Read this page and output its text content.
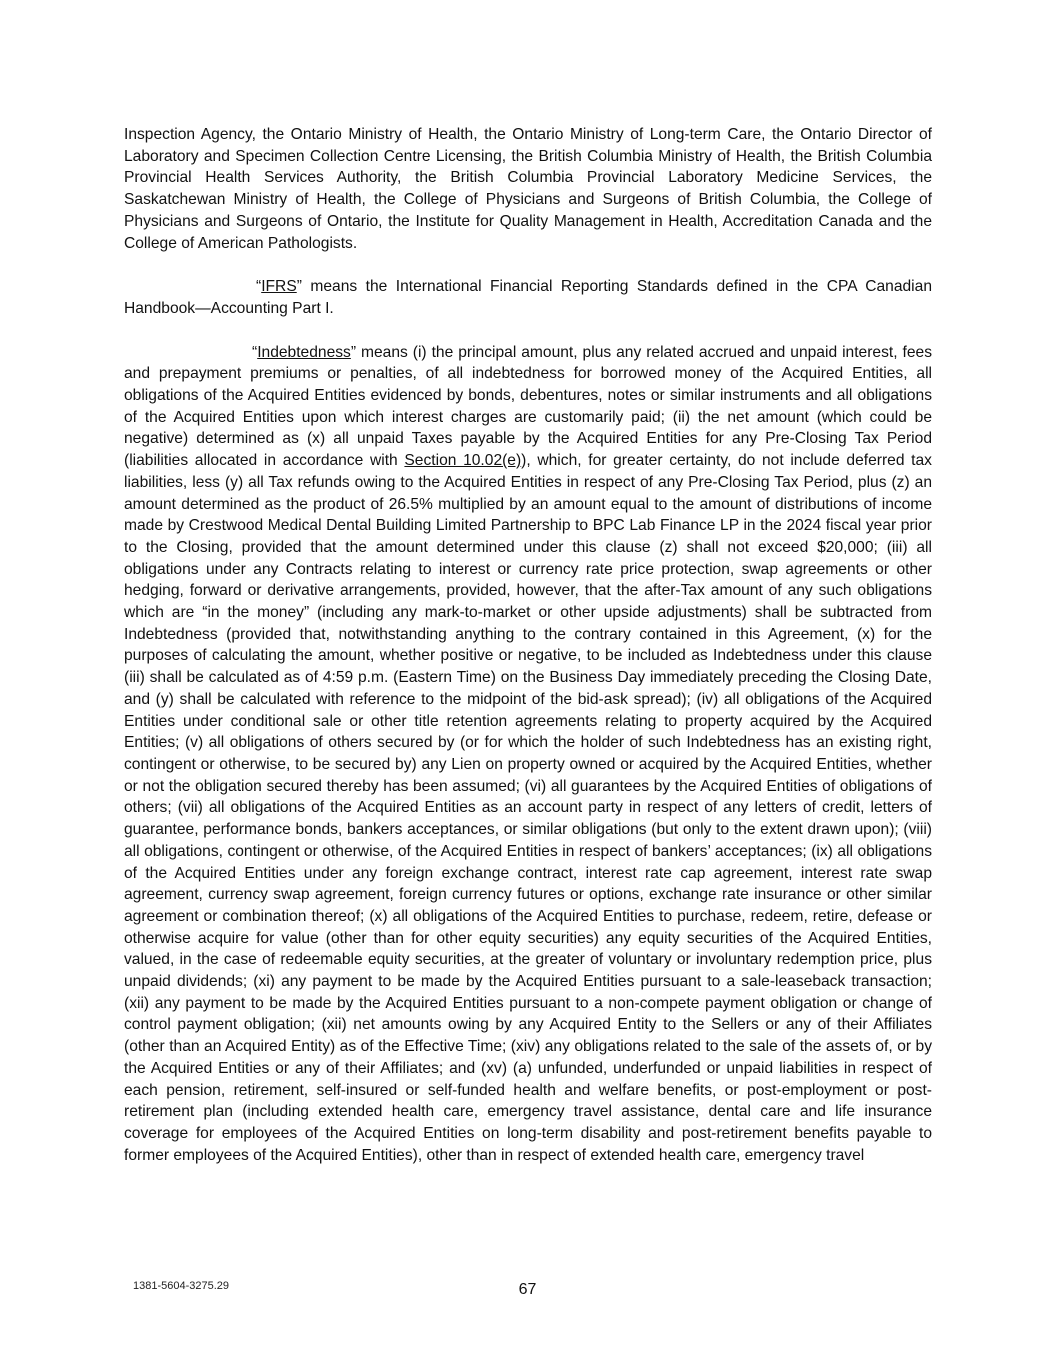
Inspection Agency, the Ontario Ministry of Health, the Ontario Ministry of Long-term Care, the Ontario Director of Laboratory and Specimen Collection Centre Licensing, the British Columbia Ministry of Health, the British Columbia Provincial Health Services Authority, the British Columbia Provincial Laboratory Medicine Services, the Saskatchewan Ministry of Health, the College of Physicians and Surgeons of British Columbia, the College of Physicians and Surgeons of Ontario, the Institute for Quality Management in Health, Accreditation Canada and the College of American Pathologists.

“IFRS” means the International Financial Reporting Standards defined in the CPA Canadian Handbook—Accounting Part I.

“Indebtedness” means (i) the principal amount, plus any related accrued and unpaid interest, fees and prepayment premiums or penalties, of all indebtedness for borrowed money of the Acquired Entities, all obligations of the Acquired Entities evidenced by bonds, debentures, notes or similar instruments and all obligations of the Acquired Entities upon which interest charges are customarily paid; (ii) the net amount (which could be negative) determined as (x) all unpaid Taxes payable by the Acquired Entities for any Pre-Closing Tax Period (liabilities allocated in accordance with Section 10.02(e)), which, for greater certainty, do not include deferred tax liabilities, less (y) all Tax refunds owing to the Acquired Entities in respect of any Pre-Closing Tax Period, plus (z) an amount determined as the product of 26.5% multiplied by an amount equal to the amount of distributions of income made by Crestwood Medical Dental Building Limited Partnership to BPC Lab Finance LP in the 2024 fiscal year prior to the Closing, provided that the amount determined under this clause (z) shall not exceed $20,000; (iii) all obligations under any Contracts relating to interest or currency rate price protection, swap agreements or other hedging, forward or derivative arrangements, provided, however, that the after-Tax amount of any such obligations which are “in the money” (including any mark-to-market or other upside adjustments) shall be subtracted from Indebtedness (provided that, notwithstanding anything to the contrary contained in this Agreement, (x) for the purposes of calculating the amount, whether positive or negative, to be included as Indebtedness under this clause (iii) shall be calculated as of 4:59 p.m. (Eastern Time) on the Business Day immediately preceding the Closing Date, and (y) shall be calculated with reference to the midpoint of the bid-ask spread); (iv) all obligations of the Acquired Entities under conditional sale or other title retention agreements relating to property acquired by the Acquired Entities; (v) all obligations of others secured by (or for which the holder of such Indebtedness has an existing right, contingent or otherwise, to be secured by) any Lien on property owned or acquired by the Acquired Entities, whether or not the obligation secured thereby has been assumed; (vi) all guarantees by the Acquired Entities of obligations of others; (vii) all obligations of the Acquired Entities as an account party in respect of any letters of credit, letters of guarantee, performance bonds, bankers acceptances, or similar obligations (but only to the extent drawn upon); (viii) all obligations, contingent or otherwise, of the Acquired Entities in respect of bankers’ acceptances; (ix) all obligations of the Acquired Entities under any foreign exchange contract, interest rate cap agreement, interest rate swap agreement, currency swap agreement, foreign currency futures or options, exchange rate insurance or other similar agreement or combination thereof; (x) all obligations of the Acquired Entities to purchase, redeem, retire, defease or otherwise acquire for value (other than for other equity securities) any equity securities of the Acquired Entities, valued, in the case of redeemable equity securities, at the greater of voluntary or involuntary redemption price, plus unpaid dividends; (xi) any payment to be made by the Acquired Entities pursuant to a sale-leaseback transaction; (xii) any payment to be made by the Acquired Entities pursuant to a non-compete payment obligation or change of control payment obligation; (xii) net amounts owing by any Acquired Entity to the Sellers or any of their Affiliates (other than an Acquired Entity) as of the Effective Time; (xiv) any obligations related to the sale of the assets of, or by the Acquired Entities or any of their Affiliates; and (xv) (a) unfunded, underfunded or unpaid liabilities in respect of each pension, retirement, self-insured or self-funded health and welfare benefits, or post-employment or post-retirement plan (including extended health care, emergency travel assistance, dental care and life insurance coverage for employees of the Acquired Entities on long-term disability and post-retirement benefits payable to former employees of the Acquired Entities), other than in respect of extended health care, emergency travel

1381-5604-3275.29	67
